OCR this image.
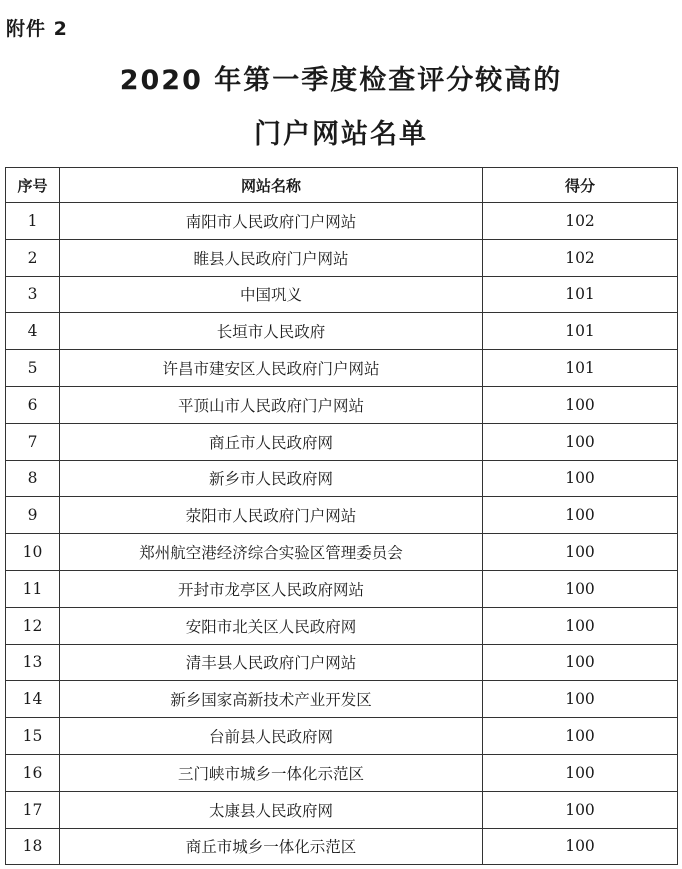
附件 2
2020 年第一季度检查评分较高的
门户网站名单
序号	网站名称	得分
1	南阳市人民政府门户网站	102
2	睢县人民政府门户网站	102
3	中国巩义	101
4	长垣市人民政府	101
5	许昌市建安区人民政府门户网站	101
6	平顶山市人民政府门户网站	100
7	商丘市人民政府网	100
8	新乡市人民政府网	100
9	荥阳市人民政府门户网站	100
10	郑州航空港经济综合实验区管理委员会	100
11	开封市龙亭区人民政府网站	100
12	安阳市北关区人民政府网	100
13	清丰县人民政府门户网站	100
14	新乡国家高新技术产业开发区	100
15	台前县人民政府网	100
16	三门峡市城乡一体化示范区	100
17	太康县人民政府网	100
18	商丘市城乡一体化示范区	100
